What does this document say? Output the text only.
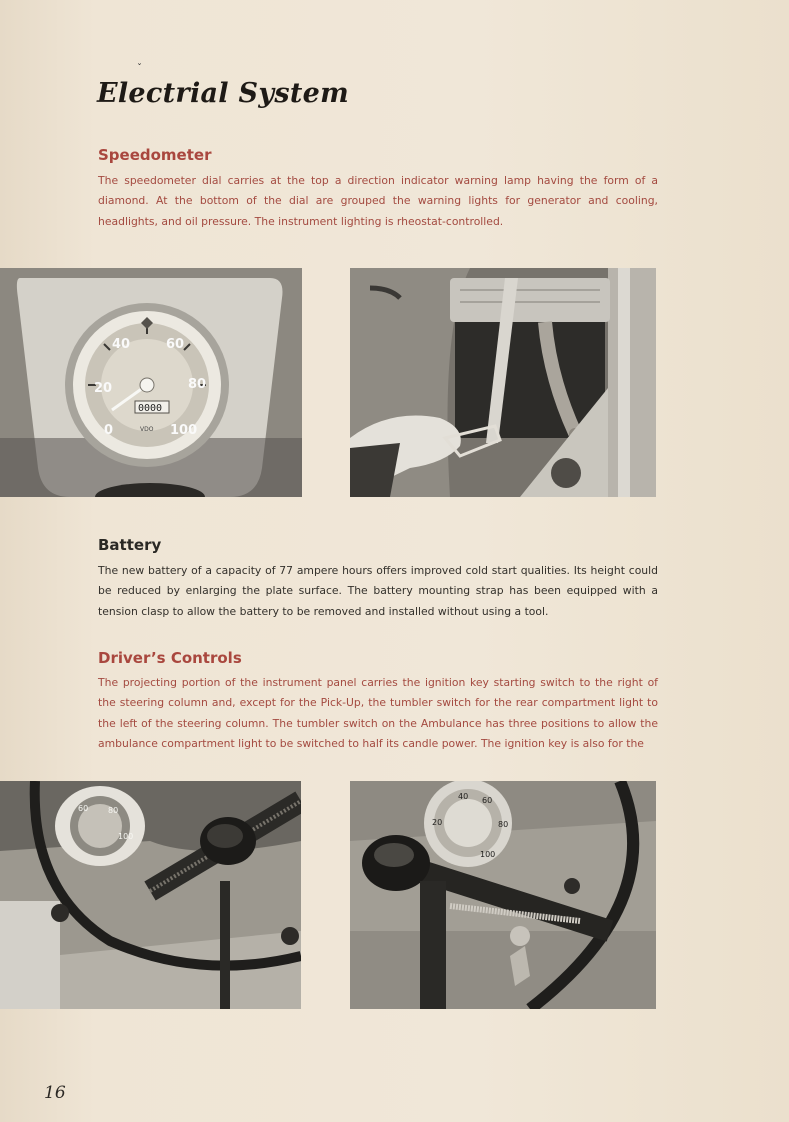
ˇ
Electrial System
Speedometer

The speedometer dial carries at the top a direction indicator warning lamp having the form of a diamond. At the bottom of the dial are grouped the warning lights for generator and cooling, headlights, and oil pressure. The instrument lighting is rheostat-controlled.

20
40	60
80
100
0
0000
VDO
Battery

The new battery of a capacity of 77 ampere hours offers improved cold start qualities. Its height could be reduced by enlarging the plate surface. The battery mounting strap has been equipped with a tension clasp to allow the battery to be removed and installed without using a tool.

Driver’s Controls

The projecting portion of the instrument panel carries the ignition key starting switch to the right of the steering column and, except for the Pick-Up, the tumbler switch for the rear compartment light to the left of the steering column. The tumbler switch on the Ambulance has three positions to allow the ambulance compartment light to be switched to half its candle power. The ignition key is also for the

60 80
100
40 60
80
100
20
16
